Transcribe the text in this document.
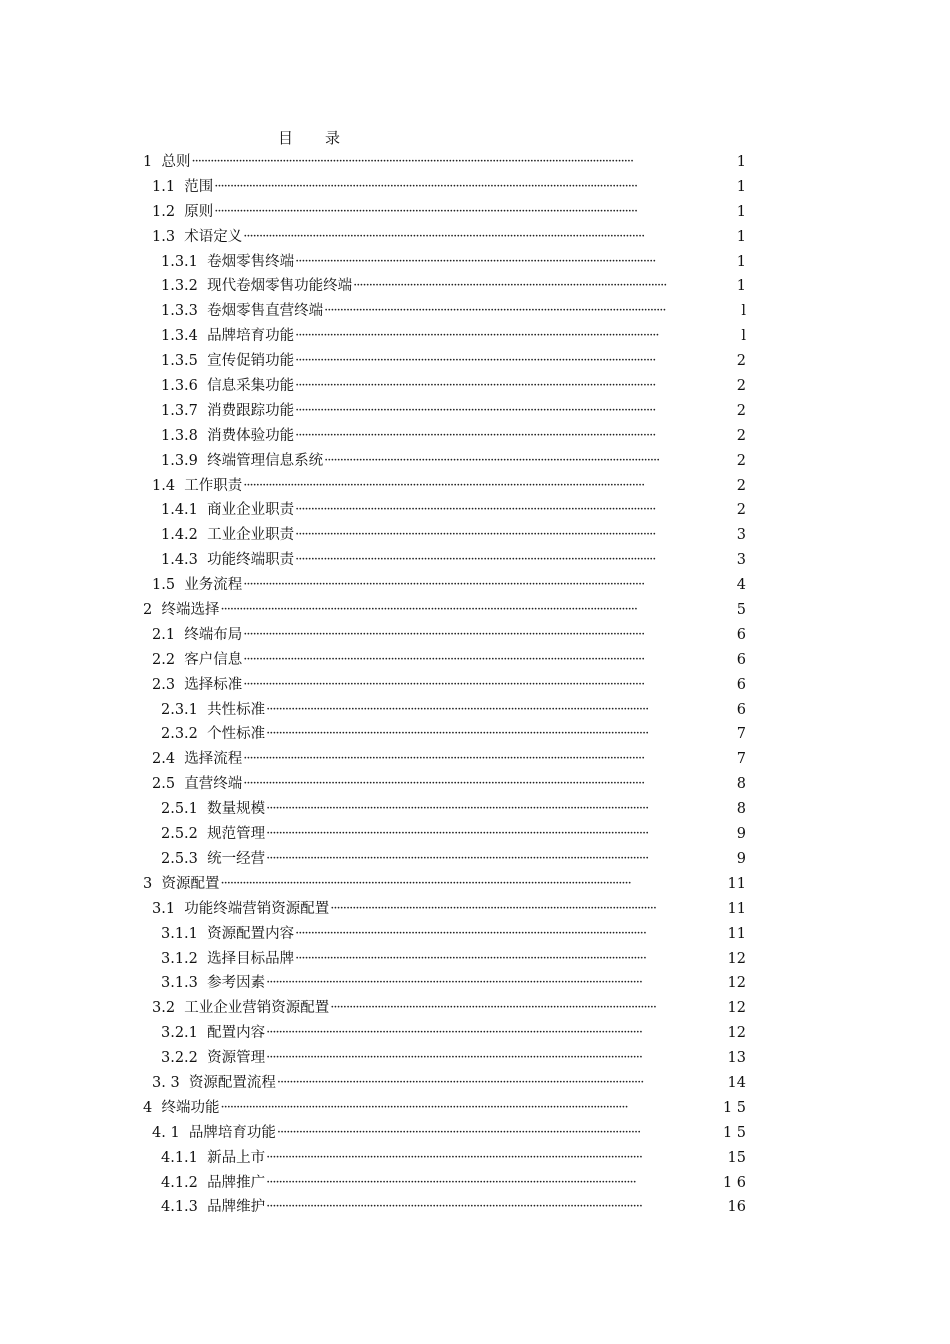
目 录
1 总则 ·············································································································································	1
1.1 范围 ·······································································································································	1
1.2 原则 ·······································································································································	1
1.3 术语定义 ································································································································	1
1.3.1 卷烟零售终端 ···················································································································	1
1.3.2 现代卷烟零售功能终端 ····································································································	1
1.3.3 卷烟零售直营终端 ·············································································································	l
1.3.4 品牌培育功能 ····················································································································	l
1.3.5 宣传促销功能 ···················································································································	2
1.3.6 信息采集功能 ···················································································································	2
1.3.7 消费跟踪功能 ···················································································································	2
1.3.8 消费体验功能 ···················································································································	2
1.3.9 终端管理信息系统 ···········································································································	2
1.4 工作职责 ································································································································	2
1.4.1 商业企业职责 ···················································································································	2
1.4.2 工业企业职责 ···················································································································	3
1.4.3 功能终端职责 ···················································································································	3
1.5 业务流程 ································································································································	4
2 终端选择 ·····································································································································	5
2.1 终端布局 ································································································································	6
2.2 客户信息 ································································································································	6
2.3 选择标准 ································································································································	6
2.3.1 共性标准 ··························································································································	6
2.3.2 个性标准 ··························································································································	7
2.4 选择流程 ································································································································	7
2.5 直营终端 ································································································································	8
2.5.1 数量规模 ··························································································································	8
2.5.2 规范管理 ··························································································································	9
2.5.3 统一经营 ··························································································································	9
3 资源配置 ···································································································································	11
3.1 功能终端营销资源配置 ········································································································	11
3.1.1 资源配置内容 ················································································································	11
3.1.2 选择目标品牌 ················································································································	12
3.1.3 参考因素 ························································································································	12
3.2 工业企业营销资源配置 ········································································································	12
3.2.1 配置内容 ························································································································	12
3.2.2 资源管理 ························································································································	13
3. 3 资源配置流程 ·····················································································································	14
4 终端功能 ··································································································································	1 5
4. 1 品牌培育功能 ····················································································································	1 5
4.1.1 新品上市 ························································································································	15
4.1.2 品牌推广 ······················································································································	1 6
4.1.3 品牌维护 ························································································································	16
